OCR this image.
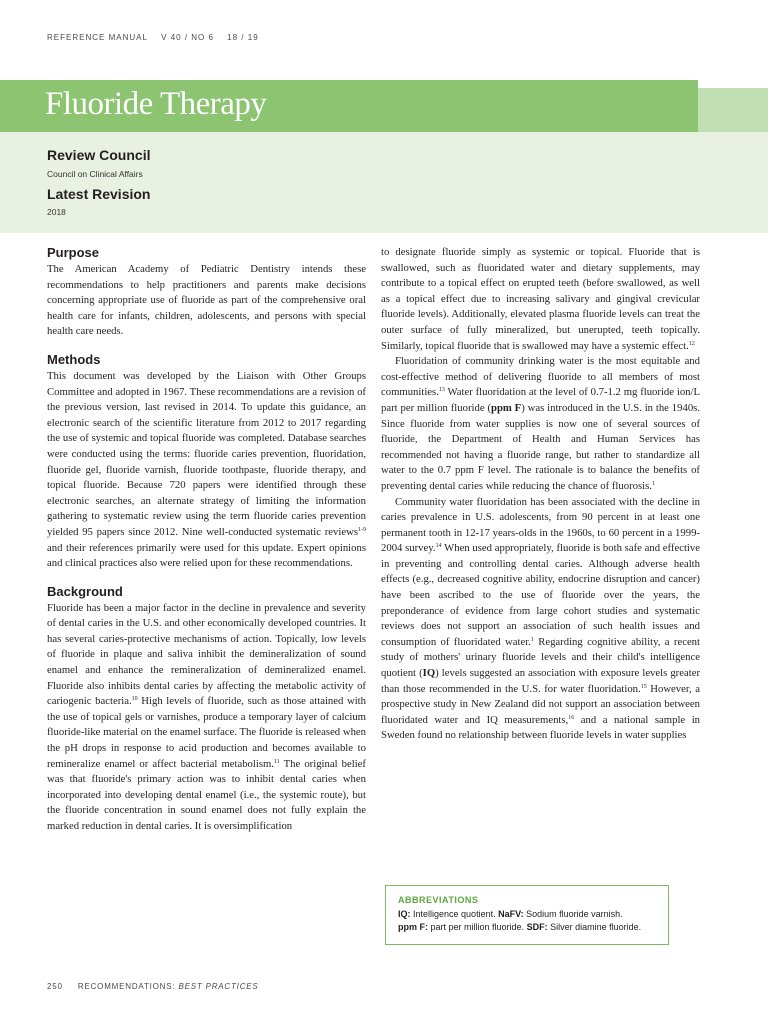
REFERENCE MANUAL V 40 / NO 6 18 / 19
Fluoride Therapy
Review Council

Council on Clinical Affairs

Latest Revision

2018

Purpose

The American Academy of Pediatric Dentistry intends these recommendations to help practitioners and parents make decisions concerning appropriate use of fluoride as part of the comprehensive oral health care for infants, children, adolescents, and persons with special health care needs.

Methods

This document was developed by the Liaison with Other Groups Committee and adopted in 1967. These recommendations are a revision of the previous version, last revised in 2014. To update this guidance, an electronic search of the scientific literature from 2012 to 2017 regarding the use of systemic and topical fluoride was completed. Database searches were conducted using the terms: fluoride caries prevention, fluoridation, fluoride gel, fluoride varnish, fluoride toothpaste, fluoride therapy, and topical fluoride. Because 720 papers were identified through these electronic searches, an alternate strategy of limiting the information gathering to systematic review using the term fluoride caries prevention yielded 95 papers since 2012. Nine well-conducted systematic reviews$^{1-9}$ and their references primarily were used for this update. Expert opinions and clinical practices also were relied upon for these recommendations.

Background

Fluoride has been a major factor in the decline in prevalence and severity of dental caries in the U.S. and other economically developed countries. It has several caries-protective mechanisms of action. Topically, low levels of fluoride in plaque and saliva inhibit the demineralization of sound enamel and enhance the remineralization of demineralized enamel. Fluoride also inhibits dental caries by affecting the metabolic activity of cariogenic bacteria.$^{10}$ High levels of fluoride, such as those attained with the use of topical gels or varnishes, produce a temporary layer of calcium fluoride-like material on the enamel surface. The fluoride is released when the pH drops in response to acid production and becomes available to remineralize enamel or affect bacterial metabolism.$^{11}$ The original belief was that fluoride's primary action was to inhibit dental caries when incorporated into developing dental enamel (i.e., the systemic route), but the fluoride concentration in sound enamel does not fully explain the marked reduction in dental caries. It is oversimplification

to designate fluoride simply as systemic or topical. Fluoride that is swallowed, such as fluoridated water and dietary supplements, may contribute to a topical effect on erupted teeth (before swallowed, as well as a topical effect due to increasing salivary and gingival crevicular fluoride levels). Additionally, elevated plasma fluoride levels can treat the outer surface of fully mineralized, but unerupted, teeth topically. Similarly, topical fluoride that is swallowed may have a systemic effect.$^{12}$

Fluoridation of community drinking water is the most equitable and cost-effective method of delivering fluoride to all members of most communities.$^{13}$ Water fluoridation at the level of 0.7-1.2 mg fluoride ion/L part per million fluoride (ppm F) was introduced in the U.S. in the 1940s. Since fluoride from water supplies is now one of several sources of fluoride, the Department of Health and Human Services has recommended not having a fluoride range, but rather to standardize all water to the 0.7 ppm F level. The rationale is to balance the benefits of preventing dental caries while reducing the chance of fluorosis.$^1$

Community water fluoridation has been associated with the decline in caries prevalence in U.S. adolescents, from 90 percent in at least one permanent tooth in 12-17 years-olds in the 1960s, to 60 percent in a 1999-2004 survey.$^{14}$ When used appropriately, fluoride is both safe and effective in preventing and controlling dental caries. Although adverse health effects (e.g., decreased cognitive ability, endocrine disruption and cancer) have been ascribed to the use of fluoride over the years, the preponderance of evidence from large cohort studies and systematic reviews does not support an association of such health issues and consumption of fluoridated water.$^1$ Regarding cognitive ability, a recent study of mothers' urinary fluoride levels and their child's intelligence quotient (IQ) levels suggested an association with exposure levels greater than those recommended in the U.S. for water fluoridation.$^{15}$ However, a prospective study in New Zealand did not support an association between fluoridated water and IQ measurements,$^{16}$ and a national sample in Sweden found no relationship between fluoride levels in water supplies

ABBREVIATIONS

IQ: Intelligence quotient. NaFV: Sodium fluoride varnish.

ppm F: part per million fluoride. SDF: Silver diamine fluoride.

250 RECOMMENDATIONS: BEST PRACTICES
